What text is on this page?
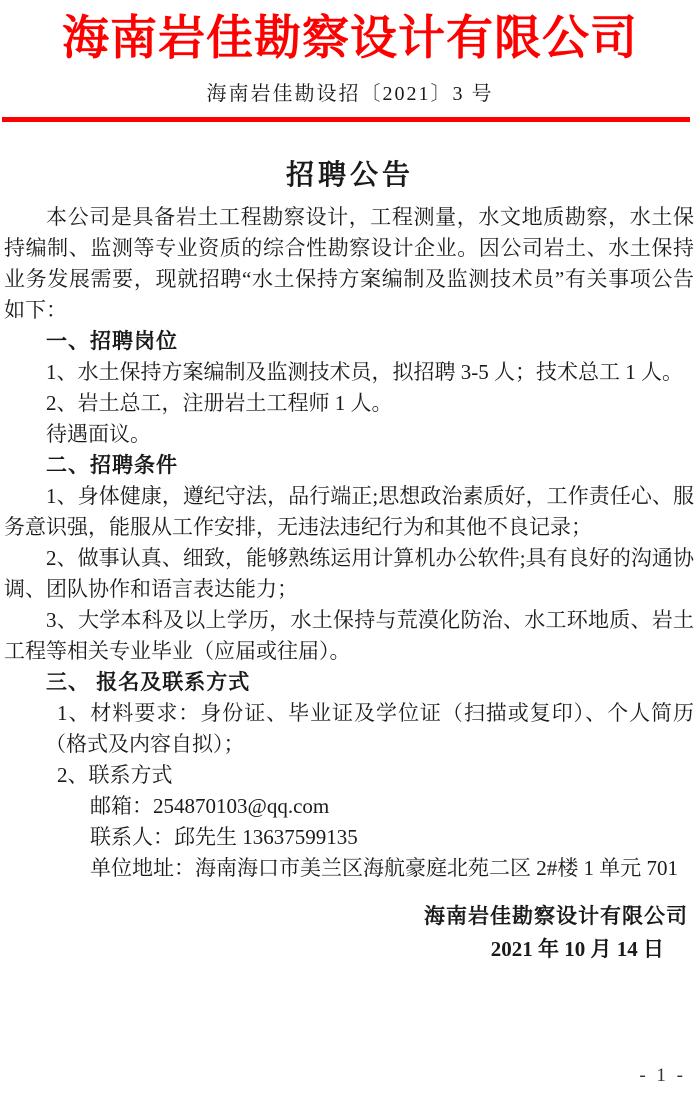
海南岩佳勘察设计有限公司
海南岩佳勘设招〔2021〕3 号
招聘公告

本公司是具备岩土工程勘察设计，工程测量，水文地质勘察，水土保持编制、监测等专业资质的综合性勘察设计企业。因公司岩土、水土保持业务发展需要，现就招聘“水土保持方案编制及监测技术员”有关事项公告如下：

一、招聘岗位

1、水土保持方案编制及监测技术员，拟招聘 3-5 人；技术总工 1 人。

2、岩土总工，注册岩土工程师 1 人。

待遇面议。

二、招聘条件

1、身体健康，遵纪守法，品行端正;思想政治素质好，工作责任心、服务意识强，能服从工作安排，无违法违纪行为和其他不良记录；

2、做事认真、细致，能够熟练运用计算机办公软件;具有良好的沟通协调、团队协作和语言表达能力；

3、大学本科及以上学历，水土保持与荒漠化防治、水工环地质、岩土工程等相关专业毕业（应届或往届）。

三、 报名及联系方式

1、材料要求：身份证、毕业证及学位证（扫描或复印）、个人简历（格式及内容自拟）；

2、联系方式

邮箱：254870103@qq.com

联系人：邱先生 13637599135

单位地址：海南海口市美兰区海航豪庭北苑二区 2#楼 1 单元 701

海南岩佳勘察设计有限公司
2021 年 10 月 14 日
- 1 -
